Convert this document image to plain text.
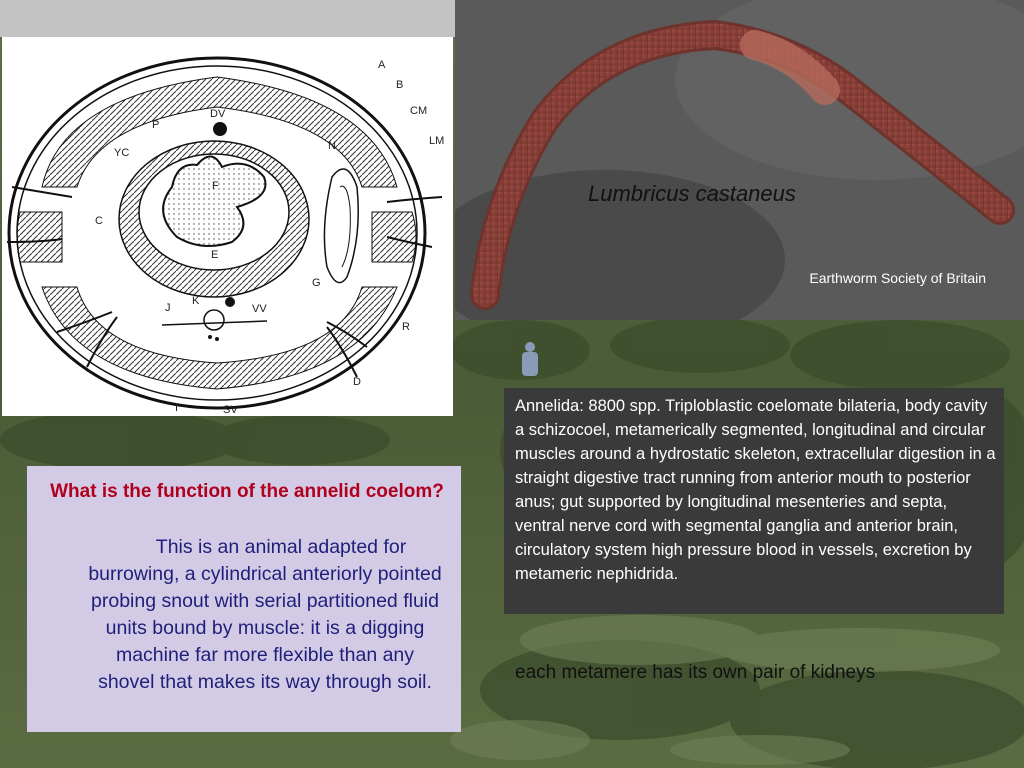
A
B
CM
LM
P
DV
N
YC
F
C
E
G
K
VV
J
R
D
I	SV
Lumbricus castaneus
Earthworm Society of Britain
What is the function of the annelid coelom?
This is an animal adapted for burrowing, a cylindrical anteriorly pointed probing snout with serial partitioned fluid units bound by muscle: it is a digging machine far more flexible than any shovel that makes its way through soil.
Annelida: 8800 spp. Triploblastic coelomate bilateria, body cavity a schizocoel, metamerically segmented, longitudinal and circular muscles around a hydrostatic skeleton, extracellular digestion in a straight digestive tract running from anterior mouth to posterior anus; gut supported by longitudinal mesenteries and septa, ventral nerve cord with segmental ganglia and anterior brain, circulatory system high pressure blood in vessels, excretion by metameric nephidrida.
each metamere has its own pair of kidneys
